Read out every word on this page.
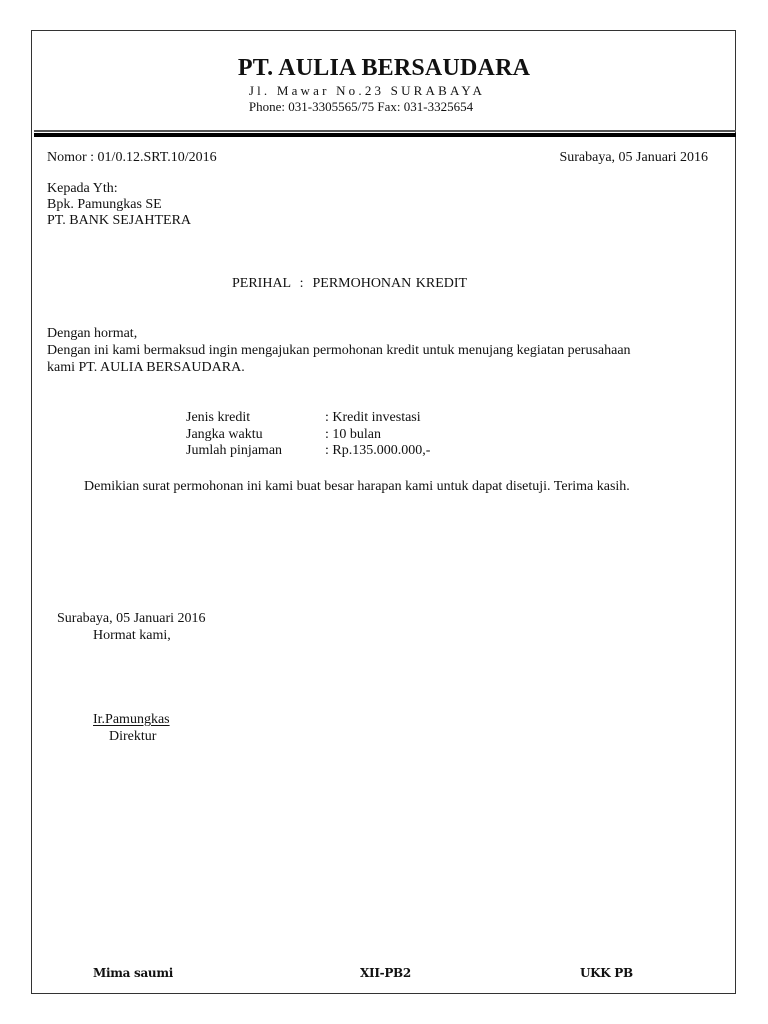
PT. AULIA BERSAUDARA
Jl. Mawar No.23 SURABAYA
Phone: 031-3305565/75 Fax: 031-3325654
Nomor : 01/0.12.SRT.10/2016	Surabaya, 05 Januari 2016
Kepada Yth:
Bpk. Pamungkas SE
PT. BANK SEJAHTERA
PERIHAL  :  PERMOHONAN KREDIT
Dengan hormat,
Dengan ini kami bermaksud ingin mengajukan permohonan kredit untuk menujang kegiatan perusahaan
kami PT. AULIA BERSAUDARA.
Jenis kredit	: Kredit investasi
Jangka waktu	: 10 bulan
Jumlah pinjaman	: Rp.135.000.000,-
Demikian surat permohonan ini kami buat besar harapan kami untuk dapat disetuji. Terima kasih.
Surabaya, 05 Januari 2016
Hormat kami,
Ir.Pamungkas
Direktur
Mima saumi	XII-PB2	UKK PB
